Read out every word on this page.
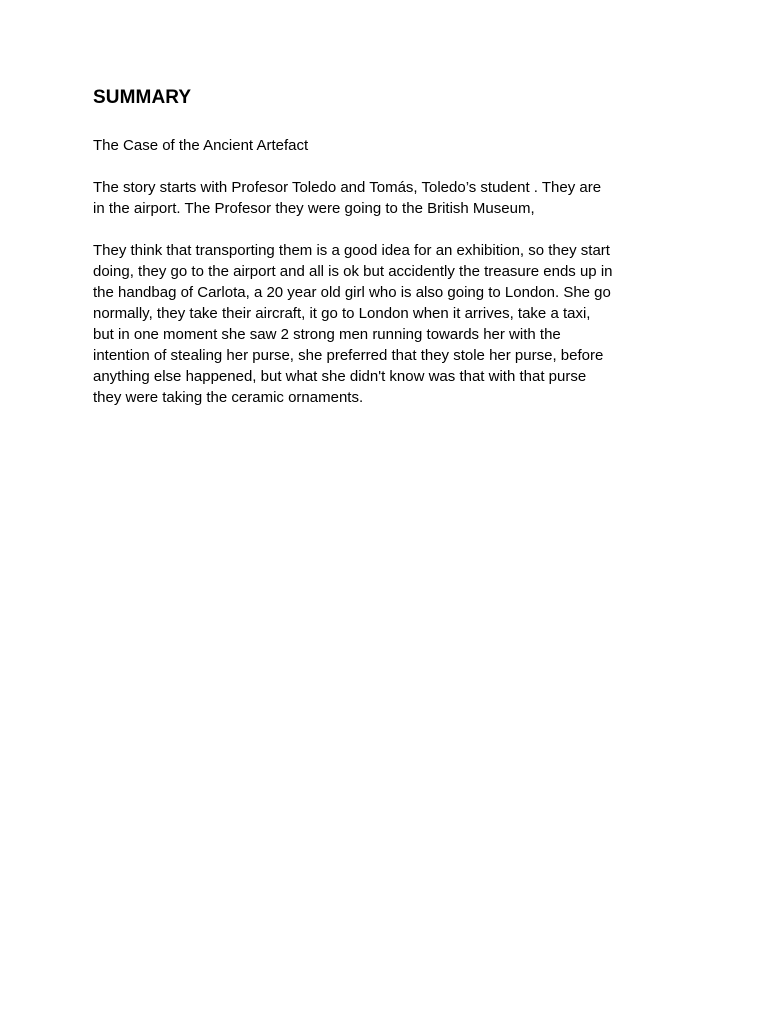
SUMMARY
The Case of the Ancient Artefact
The story starts with Profesor Toledo and Tomás, Toledo’s student . They are
in the airport. The Profesor they were going to the British Museum,
They think that transporting them is a good idea for an exhibition, so they start
doing, they go to the airport and all is ok but accidently the treasure ends up in
the handbag of Carlota, a 20 year old girl who is also going to London. She go
normally, they take their aircraft, it go to London when it arrives, take a taxi,
but in one moment she saw 2 strong men running towards her with the
intention of stealing her purse, she preferred that they stole her purse, before
anything else happened, but what she didn't know was that with that purse
they were taking the ceramic ornaments.
